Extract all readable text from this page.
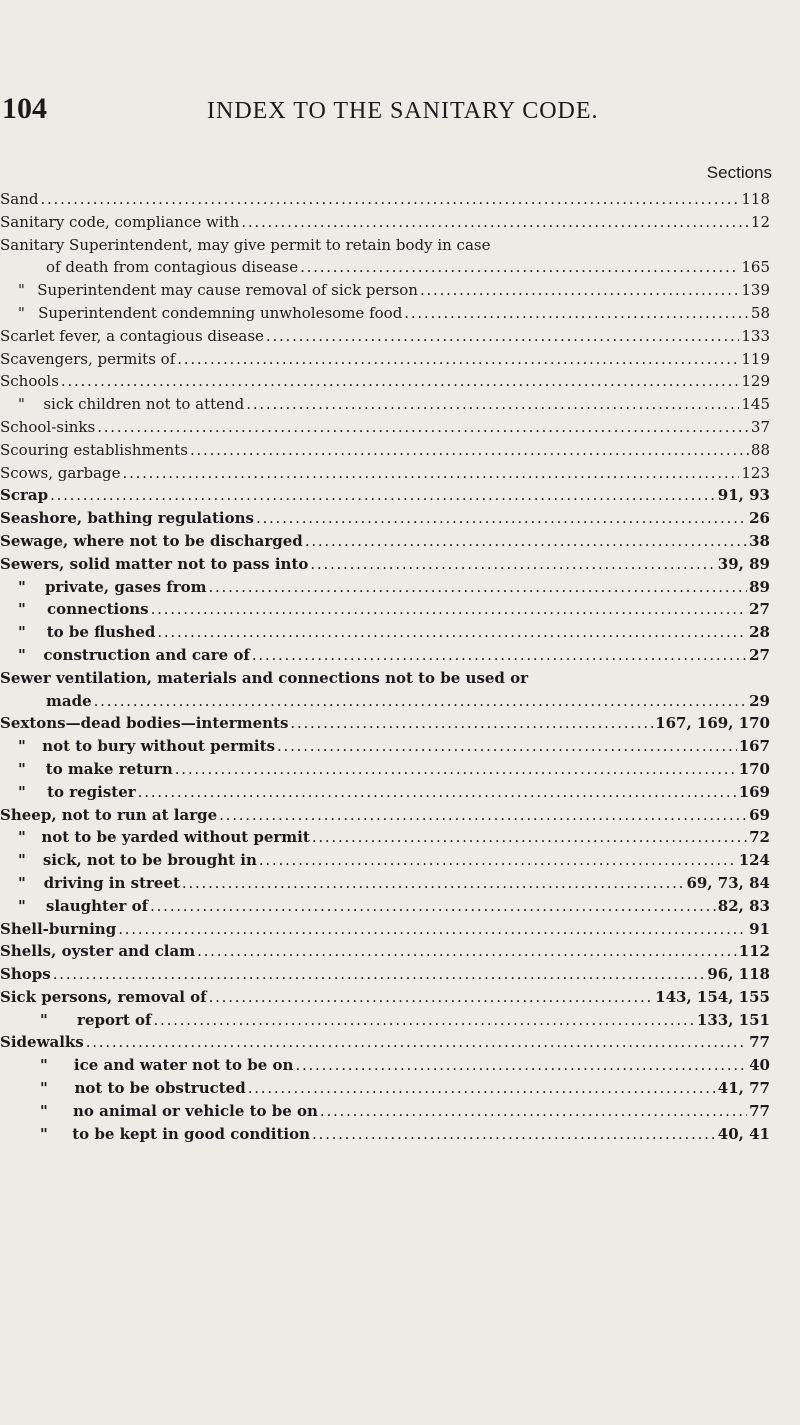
104	INDEX TO THE SANITARY CODE.
Sections
Sand . . .	118
Sanitary code, compliance with . . .	12
Sanitary Superintendent, may give permit to retain body in case
of death from contagious disease . . .	165
" Superintendent may cause removal of sick person . . .	139
" Superintendent condemning unwholesome food . . .	58
Scarlet fever, a contagious disease . . .	133
Scavengers, permits of . . .	119
Schools . . .	129
"	sick children not to attend . . .	145
School-sinks . . .	37
Scouring establishments . . .	88
Scows, garbage . . .	123
Scrap . . .	91, 93
Seashore, bathing regulations . . .	26
Sewage, where not to be discharged . . .	38
Sewers, solid matter not to pass into . . .	39, 89
"	private, gases from . . .	89
"	connections . . .	27
"	to be flushed . . .	28
"	construction and care of . . .	27
Sewer ventilation, materials and connections not to be used or
made . . .	29
Sextons—dead bodies—interments . . .	167, 169, 170
"	not to bury without permits . . .	167
"	to make return . . .	170
"	to register . . .	169
Sheep, not to run at large . . .	69
"	not to be yarded without permit . . .	72
"	sick, not to be brought in . . .	124
"	driving in street . . .	69, 73, 84
"	slaughter of . . .	82, 83
Shell-burning . . .	91
Shells, oyster and clam . . .	112
Shops . . .	96, 118
Sick persons, removal of . . .	143, 154, 155
"	report of . . .	133, 151
Sidewalks . . .	77
"	ice and water not to be on . . .	40
"	not to be obstructed . . .	41, 77
"	no animal or vehicle to be on . . .	77
"	to be kept in good condition . . .	40, 41
